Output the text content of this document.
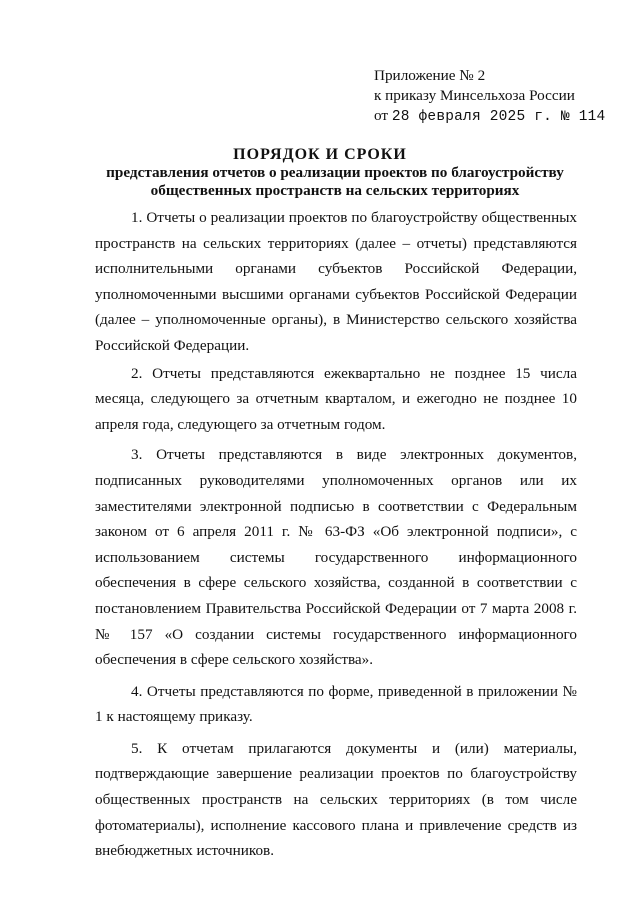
Приложение № 2
к приказу Минсельхоза России
от 28 февраля 2025 г. № 114
ПОРЯДОК И СРОКИ
представления отчетов о реализации проектов по благоустройству
общественных пространств на сельских территориях

1. Отчеты о реализации проектов по благоустройству общественных пространств на сельских территориях (далее – отчеты) представляются исполнительными органами субъектов Российской Федерации, уполномоченными высшими органами субъектов Российской Федерации (далее – уполномоченные органы), в Министерство сельского хозяйства Российской Федерации.

2. Отчеты представляются ежеквартально не позднее 15 числа месяца, следующего за отчетным кварталом, и ежегодно не позднее 10 апреля года, следующего за отчетным годом.

3. Отчеты представляются в виде электронных документов, подписанных руководителями уполномоченных органов или их заместителями электронной подписью в соответствии с Федеральным законом от 6 апреля 2011 г. № 63-ФЗ «Об электронной подписи», с использованием системы государственного информационного обеспечения в сфере сельского хозяйства, созданной в соответствии с постановлением Правительства Российской Федерации от 7 марта 2008 г. № 157 «О создании системы государственного информационного обеспечения в сфере сельского хозяйства».

4. Отчеты представляются по форме, приведенной в приложении № 1 к настоящему приказу.

5. К отчетам прилагаются документы и (или) материалы, подтверждающие завершение реализации проектов по благоустройству общественных пространств на сельских территориях (в том числе фотоматериалы), исполнение кассового плана и привлечение средств из внебюджетных источников.
